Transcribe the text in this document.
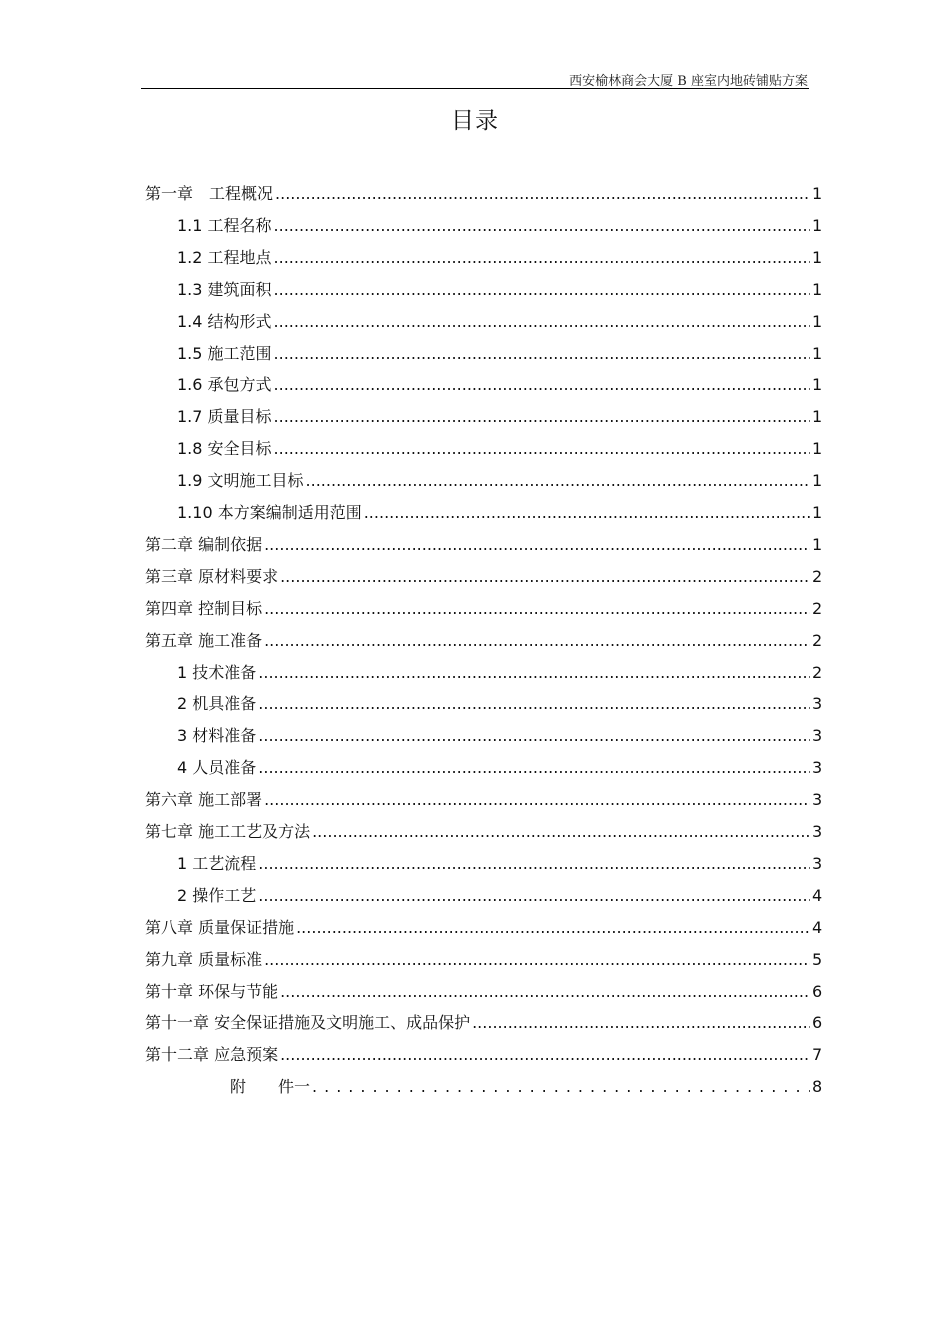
西安榆林商会大厦 B 座室内地砖铺贴方案
目录
第一章　工程概况 .....	1
1.1 工程名称 .....	1
1.2 工程地点 .....	1
1.3 建筑面积 .....	1
1.4 结构形式 .....	1
1.5 施工范围 .....	1
1.6 承包方式 .....	1
1.7 质量目标 .....	1
1.8 安全目标 .....	1
1.9 文明施工目标 .....	1
1.10 本方案编制适用范围 .....	1
第二章 编制依据 .....	1
第三章 原材料要求 .....	2
第四章 控制目标 .....	2
第五章 施工准备 .....	2
1 技术准备 .....	2
2 机具准备 .....	3
3 材料准备 .....	3
4 人员准备 .....	3
第六章 施工部署 .....	3
第七章 施工工艺及方法 .....	3
1 工艺流程 .....	3
2 操作工艺 .....	4
第八章 质量保证措施 .....	4
第九章 质量标准 .....	5
第十章 环保与节能 .....	6
第十一章 安全保证措施及文明施工、成品保护 .....	6
第十二章 应急预案 .....	7
附　　件一 .....	8
